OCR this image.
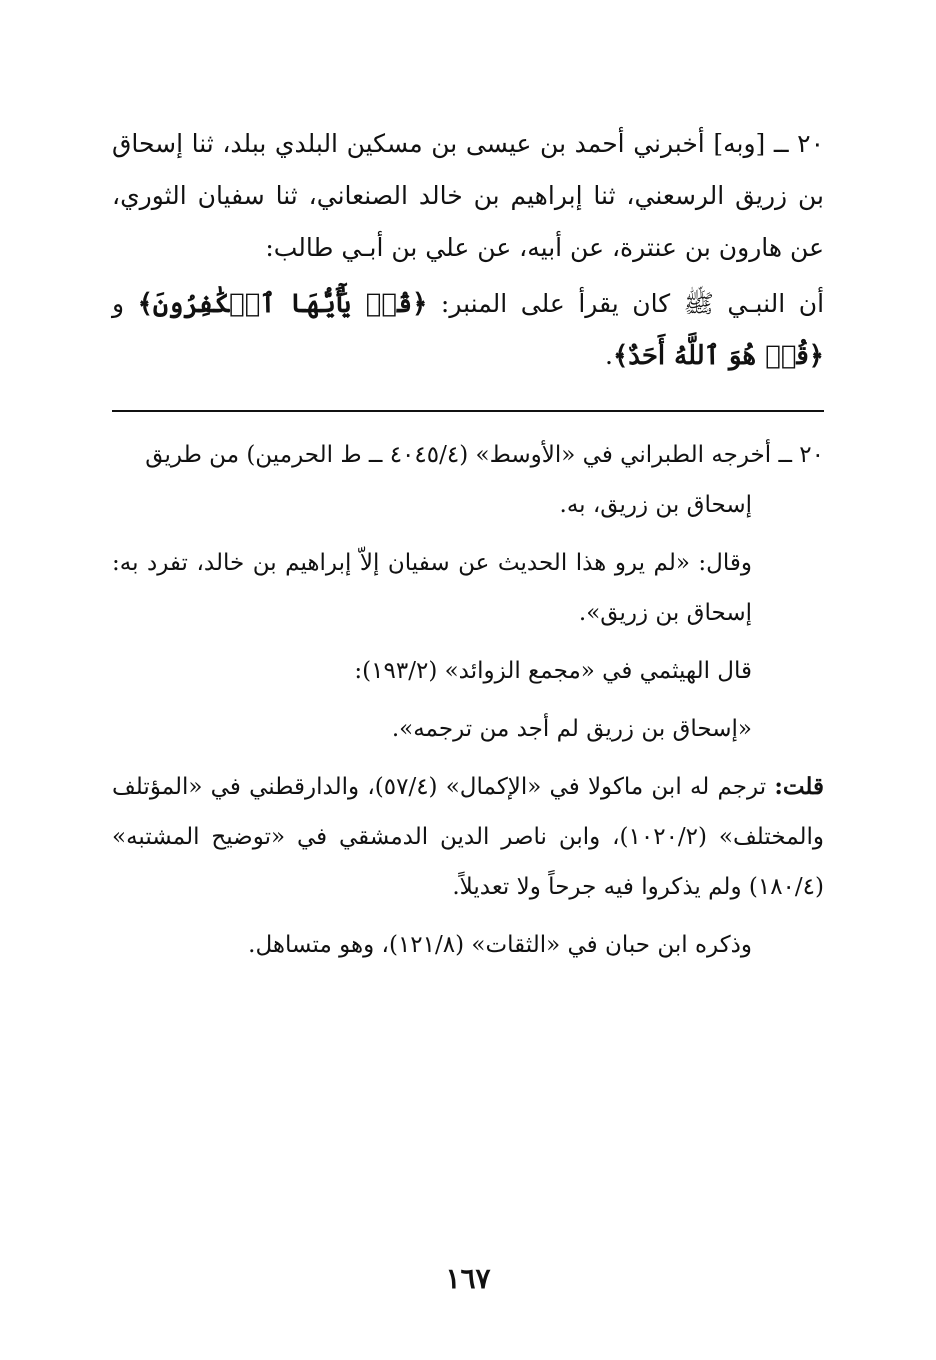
٢٠ ــ [وبه] أخبرني أحمد بن عيسى بن مسكين البلدي ببلد، ثنا إسحاق بن زريق الرسعني، ثنا إبراهيم بن خالد الصنعاني، ثنا سفيان الثوري، عن هارون بن عنترة، عن أبيه، عن علي بن أبـي طالب:

أن النبـي ﷺ كان يقرأ على المنبر: ﴿قُلۡ يَٰٓأَيُّهَا ٱلۡكَٰفِرُونَ﴾ و ﴿قُلۡ هُوَ ٱللَّهُ أَحَدٌ﴾.

٢٠ ــ أخرجه الطبراني في «الأوسط» (٤٠٤٥/٤ ــ ط الحرمين) من طريق

إسحاق بن زريق، به.

وقال: «لم يرو هذا الحديث عن سفيان إلاّ إبراهيم بن خالد، تفرد به: إسحاق بن زريق».

قال الهيثمي في «مجمع الزوائد» (١٩٣/٢):

«إسحاق بن زريق لم أجد من ترجمه».

قلت: ترجم له ابن ماكولا في «الإكمال» (٥٧/٤)، والدارقطني في «المؤتلف والمختلف» (١٠٢٠/٢)، وابن ناصر الدين الدمشقي في «توضيح المشتبه» (١٨٠/٤) ولم يذكروا فيه جرحاً ولا تعديلاً.

وذكره ابن حبان في «الثقات» (١٢١/٨)، وهو متساهل.

١٦٧
